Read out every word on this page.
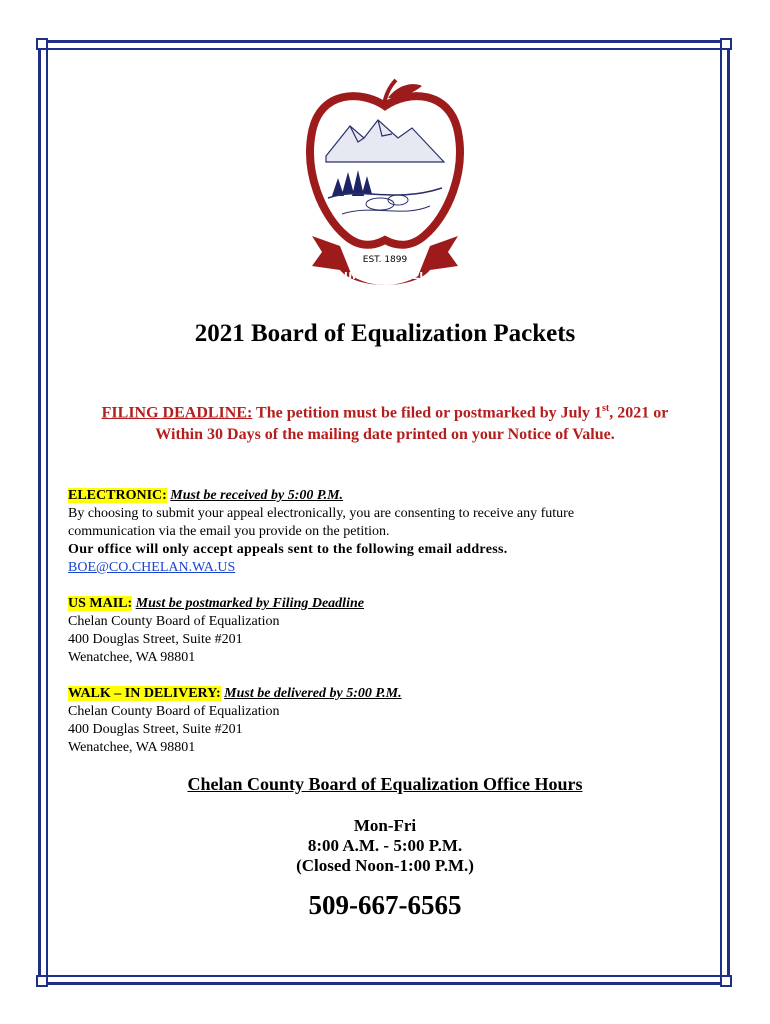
EST. 1899
COUNTY OF CHELAN
2021 Board of Equalization Packets
FILING DEADLINE: The petition must be filed or postmarked by July 1st, 2021 or
Within 30 Days of the mailing date printed on your Notice of Value.
ELECTRONIC: Must be received by 5:00 P.M.
By choosing to submit your appeal electronically, you are consenting to receive any future
communication via the email you provide on the petition.
Our office will only accept appeals sent to the following email address.
BOE@CO.CHELAN.WA.US
US MAIL: Must be postmarked by Filing Deadline
Chelan County Board of Equalization
400 Douglas Street, Suite #201
Wenatchee, WA 98801
WALK – IN DELIVERY: Must be delivered by 5:00 P.M.
Chelan County Board of Equalization
400 Douglas Street, Suite #201
Wenatchee, WA 98801
Chelan County Board of Equalization Office Hours
Mon-Fri
8:00 A.M. - 5:00 P.M.
(Closed Noon-1:00 P.M.)
509-667-6565
